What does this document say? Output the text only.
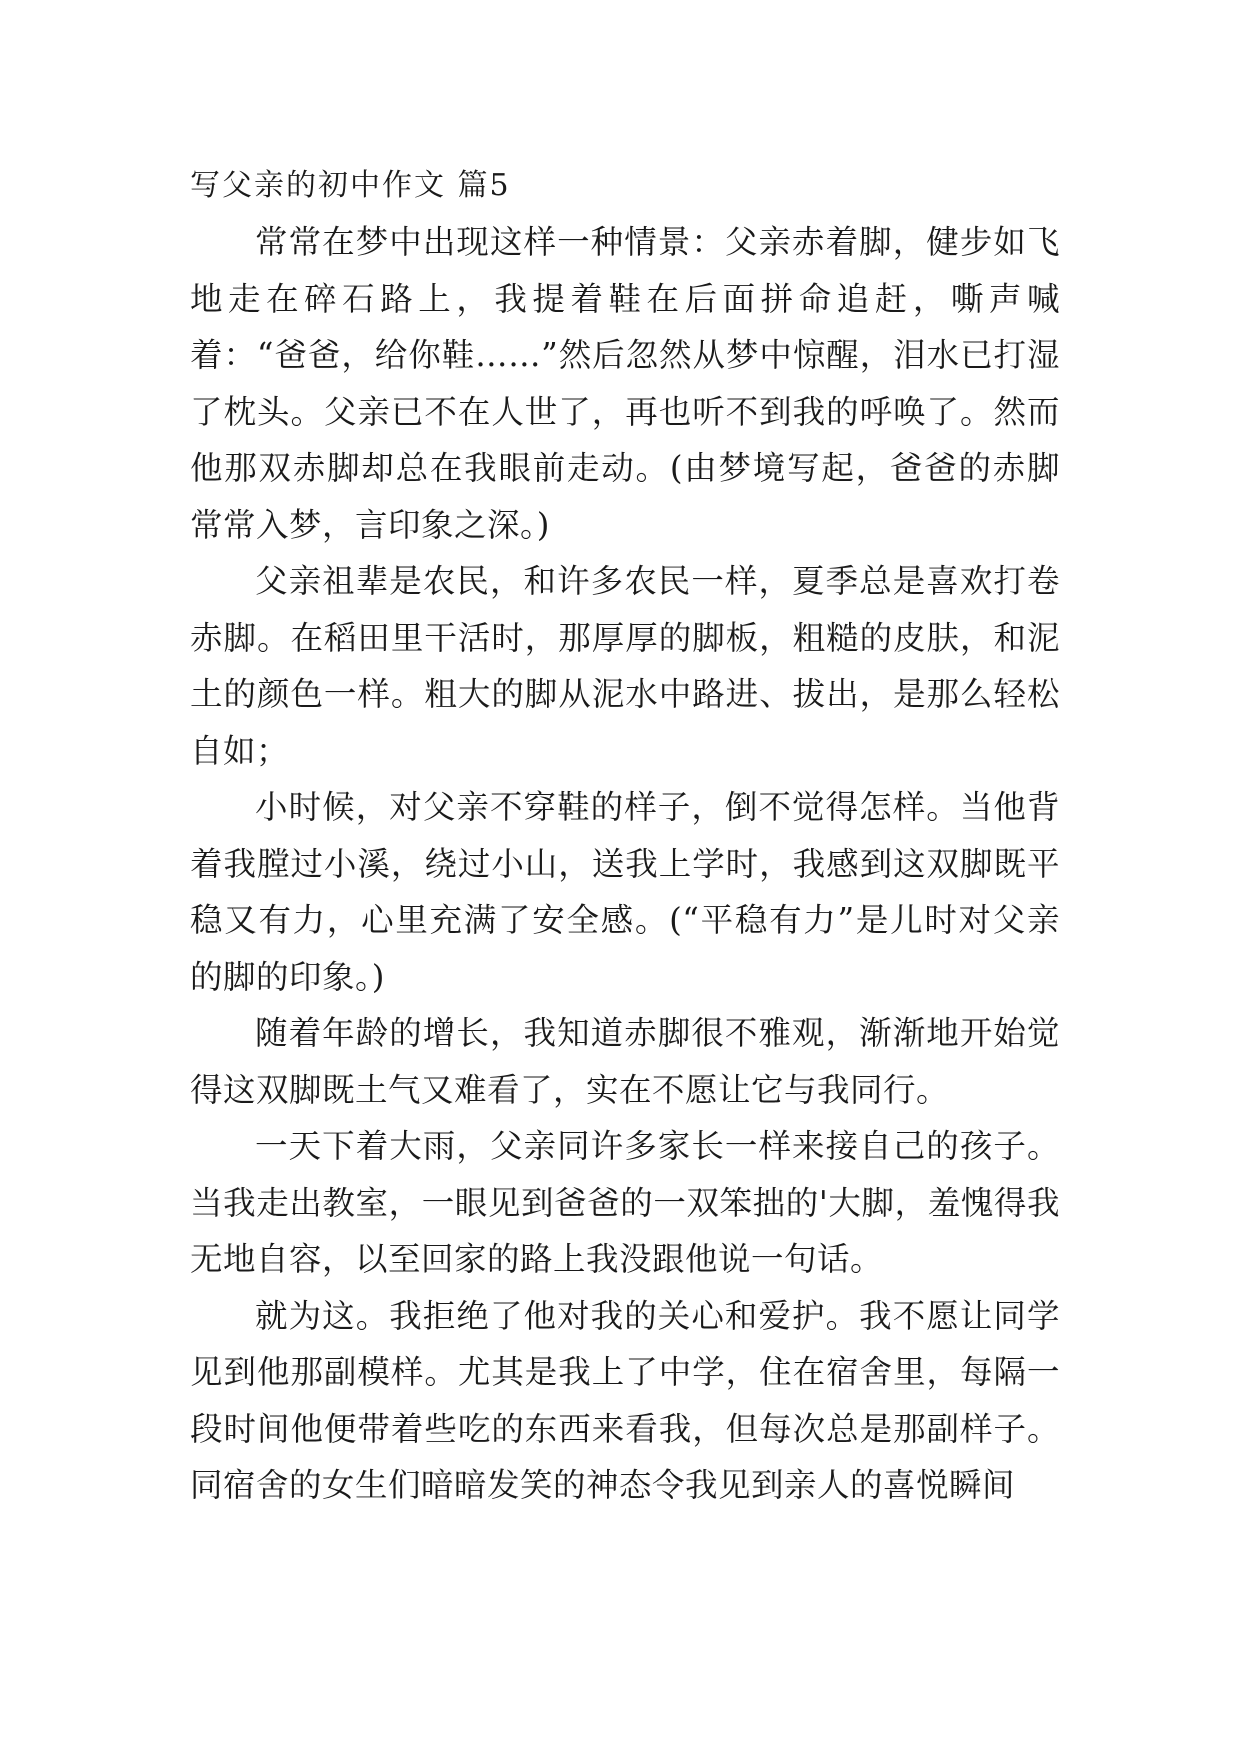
写父亲的初中作文 篇5

常常在梦中出现这样一种情景：父亲赤着脚，健步如飞地走在碎石路上，我提着鞋在后面拼命追赶，嘶声喊着：“爸爸，给你鞋……”然后忽然从梦中惊醒，泪水已打湿了枕头。父亲已不在人世了，再也听不到我的呼唤了。然而他那双赤脚却总在我眼前走动。(由梦境写起，爸爸的赤脚常常入梦，言印象之深。)

父亲祖辈是农民，和许多农民一样，夏季总是喜欢打卷赤脚。在稻田里干活时，那厚厚的脚板，粗糙的皮肤，和泥土的颜色一样。粗大的脚从泥水中路进、拔出，是那么轻松自如；

小时候，对父亲不穿鞋的样子，倒不觉得怎样。当他背着我膛过小溪，绕过小山，送我上学时，我感到这双脚既平稳又有力，心里充满了安全感。(“平稳有力”是儿时对父亲的脚的印象。)

随着年龄的增长，我知道赤脚很不雅观，渐渐地开始觉得这双脚既土气又难看了，实在不愿让它与我同行。

一天下着大雨，父亲同许多家长一样来接自己的孩子。当我走出教室，一眼见到爸爸的一双笨拙的'大脚，羞愧得我无地自容，以至回家的路上我没跟他说一句话。

就为这。我拒绝了他对我的关心和爱护。我不愿让同学见到他那副模样。尤其是我上了中学，住在宿舍里，每隔一段时间他便带着些吃的东西来看我，但每次总是那副样子。同宿舍的女生们暗暗发笑的神态令我见到亲人的喜悦瞬间
